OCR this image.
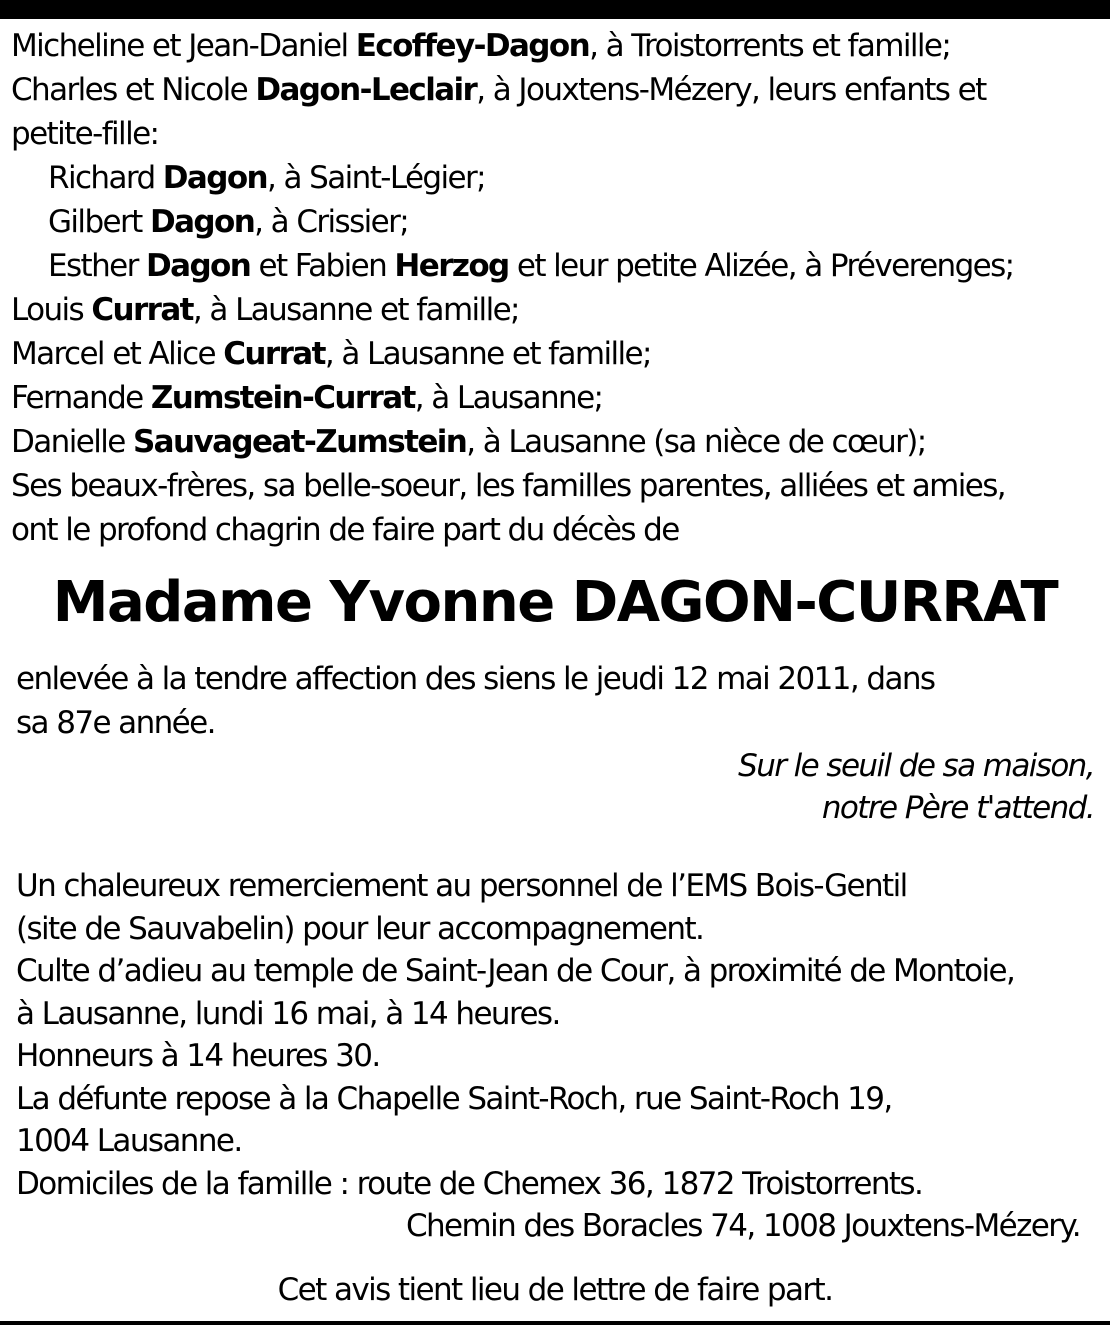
Micheline et Jean-Daniel Ecoffey-Dagon, à Troistorrents et famille;
Charles et Nicole Dagon-Leclair, à Jouxtens-Mézery, leurs enfants et
petite-fille:
Richard Dagon, à Saint-Légier;
Gilbert Dagon, à Crissier;
Esther Dagon et Fabien Herzog et leur petite Alizée, à Préverenges;
Louis Currat, à Lausanne et famille;
Marcel et Alice Currat, à Lausanne et famille;
Fernande Zumstein-Currat, à Lausanne;
Danielle Sauvageat-Zumstein, à Lausanne (sa nièce de cœur);
Ses beaux-frères, sa belle-soeur, les familles parentes, alliées et amies,
ont le profond chagrin de faire part du décès de
Madame Yvonne DAGON-CURRAT
enlevée à la tendre affection des siens le jeudi 12 mai 2011, dans
sa 87e année.
Sur le seuil de sa maison,
notre Père t'attend.
Un chaleureux remerciement au personnel de l’EMS Bois-Gentil
(site de Sauvabelin) pour leur accompagnement.
Culte d’adieu au temple de Saint-Jean de Cour, à proximité de Montoie,
à Lausanne, lundi 16 mai, à 14 heures.
Honneurs à 14 heures 30.
La défunte repose à la Chapelle Saint-Roch, rue Saint-Roch 19,
1004 Lausanne.
Domiciles de la famille : route de Chemex 36, 1872 Troistorrents.
Chemin des Boracles 74, 1008 Jouxtens-Mézery.
Cet avis tient lieu de lettre de faire part.
